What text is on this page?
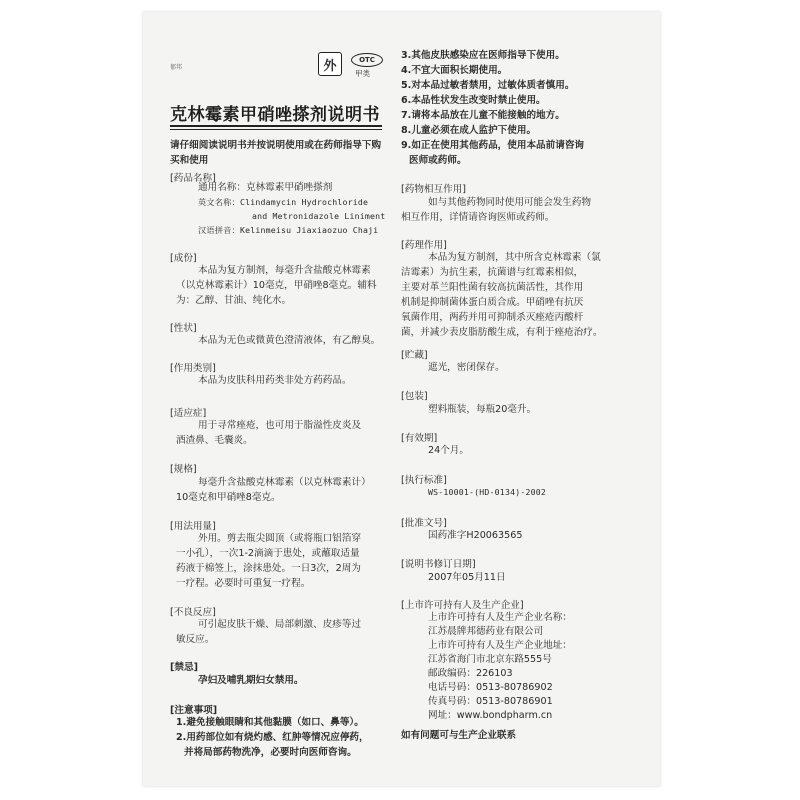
郁邦	外	OTC
甲类
克林霉素甲硝唑搽剂说明书
请仔细阅读说明书并按说明使用或在药师指导下购买和使用
[药品名称]
通用名称：克林霉素甲硝唑搽剂
英文名称：Clindamycin Hydrochloride
and Metronidazole Liniment
汉语拼音：Kelinmeisu Jiaxiaozuo Chaji
[成份]
本品为复方制剂，每毫升含盐酸克林霉素
（以克林霉素计）10毫克，甲硝唑8毫克。辅料
为：乙醇、甘油、纯化水。
[性状]
本品为无色或微黄色澄清液体，有乙醇臭。
[作用类别]
本品为皮肤科用药类非处方药药品。
[适应症]
用于寻常痤疮，也可用于脂溢性皮炎及
酒渣鼻、毛囊炎。
[规格]
每毫升含盐酸克林霉素（以克林霉素计）
10毫克和甲硝唑8毫克。
[用法用量]
外用。剪去瓶尖圆顶（或将瓶口铝箔穿
一小孔），一次1-2滴滴于患处，或蘸取适量
药液于棉签上，涂抹患处。一日3次，2周为
一疗程。必要时可重复一疗程。
[不良反应]
可引起皮肤干燥、局部刺激、皮疹等过
敏反应。
[禁忌]
孕妇及哺乳期妇女禁用。
[注意事项]
1.避免接触眼睛和其他黏膜（如口、鼻等）。
2.用药部位如有烧灼感、红肿等情况应停药，
并将局部药物洗净，必要时向医师咨询。
3.其他皮肤感染应在医师指导下使用。
4.不宜大面积长期使用。
5.对本品过敏者禁用，过敏体质者慎用。
6.本品性状发生改变时禁止使用。
7.请将本品放在儿童不能接触的地方。
8.儿童必须在成人监护下使用。
9.如正在使用其他药品，使用本品前请咨询
医师或药师。
[药物相互作用]
如与其他药物同时使用可能会发生药物
相互作用，详情请咨询医师或药师。
[药理作用]
本品为复方制剂，其中所含克林霉素（氯
洁霉素）为抗生素，抗菌谱与红霉素相似，
主要对革兰阳性菌有较高抗菌活性，其作用
机制是抑制菌体蛋白质合成。甲硝唑有抗厌
氧菌作用，两药并用可抑制杀灭痤疮丙酸杆
菌，并减少表皮脂肪酸生成，有利于痤疮治疗。
[贮藏]
遮光，密闭保存。
[包装]
塑料瓶装，每瓶20毫升。
[有效期]
24个月。
[执行标准]
WS-10001-(HD-0134)-2002
[批准文号]
国药准字H20063565
[说明书修订日期]
2007年05月11日
[上市许可持有人及生产企业]
上市许可持有人及生产企业名称：
江苏晨牌邦德药业有限公司
上市许可持有人及生产企业地址：
江苏省海门市北京东路555号
邮政编码：226103
电话号码：0513-80786902
传真号码：0513-80786901
网址：www.bondpharm.cn
如有问题可与生产企业联系
